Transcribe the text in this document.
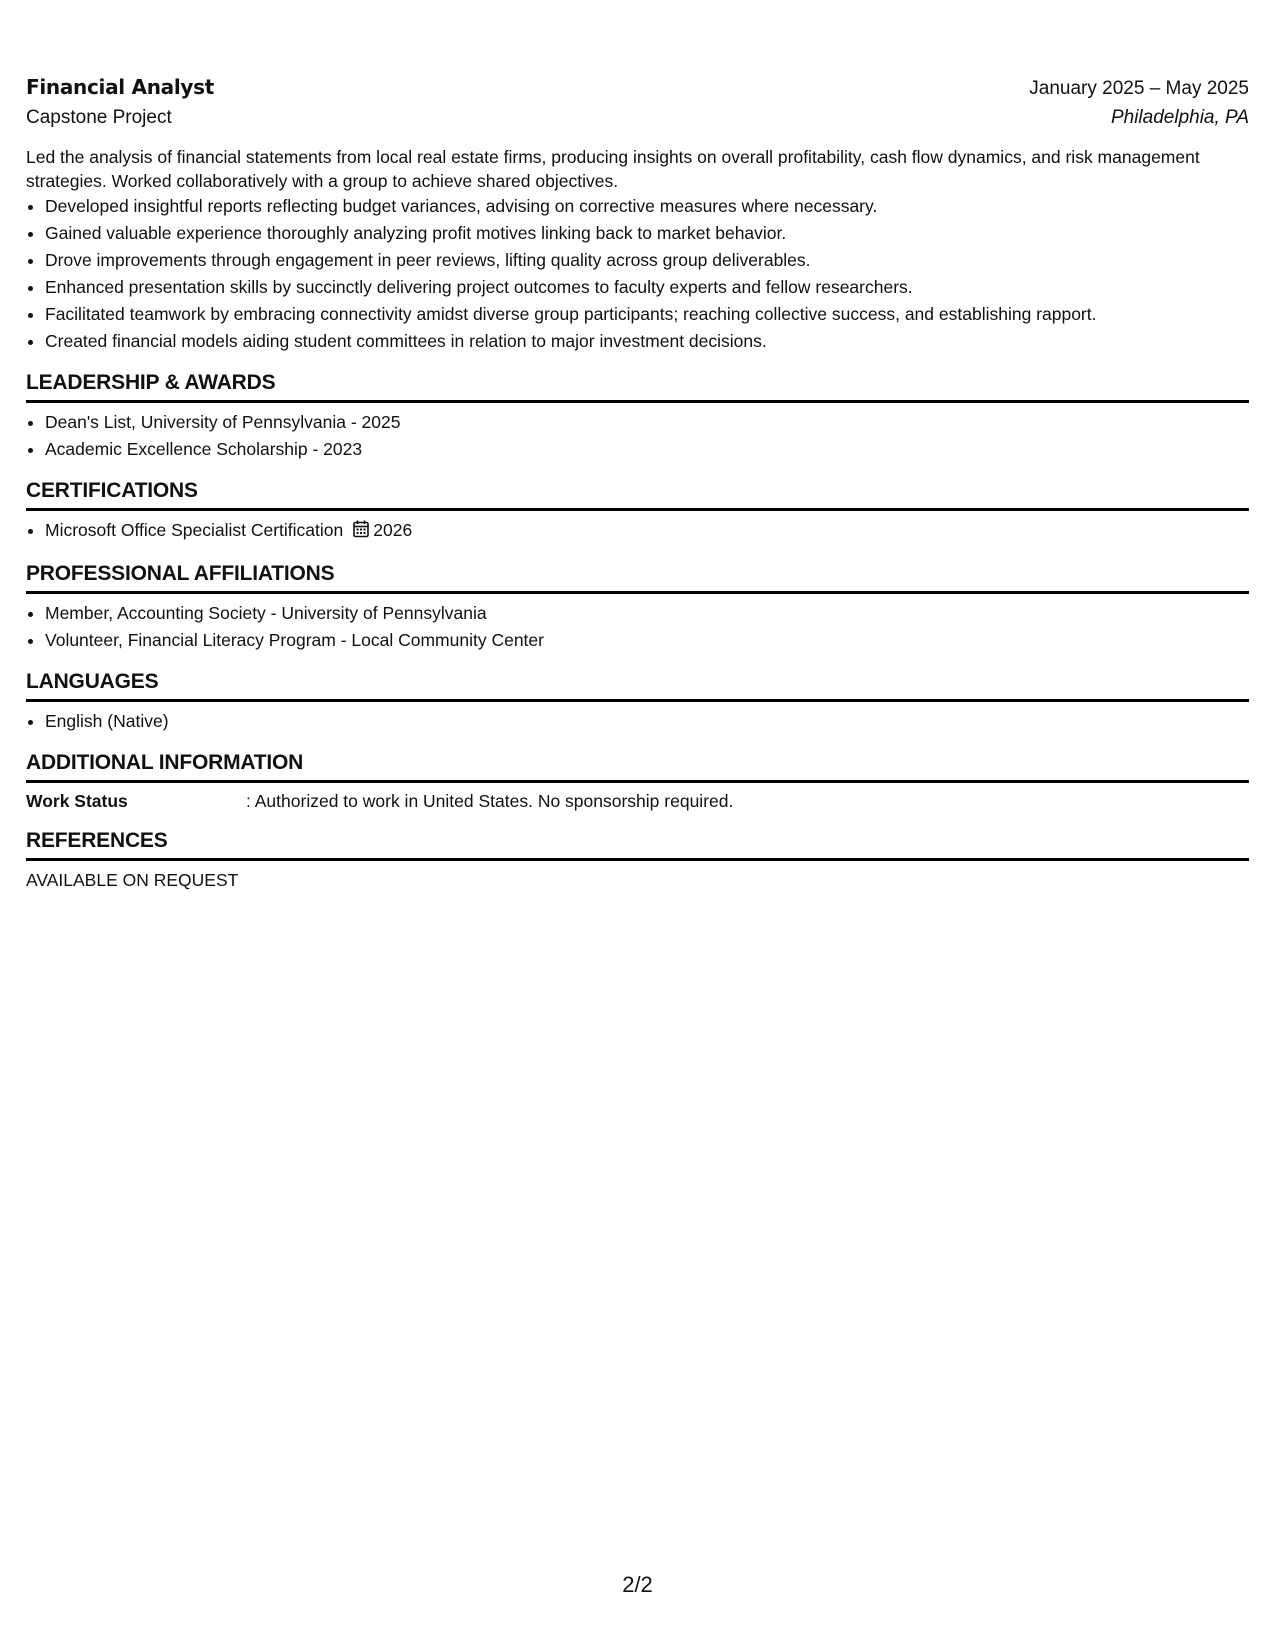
Financial Analyst	January 2025 – May 2025
Capstone Project	Philadelphia, PA
Led the analysis of financial statements from local real estate firms, producing insights on overall profitability, cash flow dynamics, and risk management strategies. Worked collaboratively with a group to achieve shared objectives.
• Developed insightful reports reflecting budget variances, advising on corrective measures where necessary.
• Gained valuable experience thoroughly analyzing profit motives linking back to market behavior.
• Drove improvements through engagement in peer reviews, lifting quality across group deliverables.
• Enhanced presentation skills by succinctly delivering project outcomes to faculty experts and fellow researchers.
• Facilitated teamwork by embracing connectivity amidst diverse group participants; reaching collective success, and establishing rapport.
• Created financial models aiding student committees in relation to major investment decisions.
LEADERSHIP & AWARDS
• Dean's List, University of Pennsylvania - 2025
• Academic Excellence Scholarship - 2023
CERTIFICATIONS
• Microsoft Office Specialist Certification 2026
PROFESSIONAL AFFILIATIONS
• Member, Accounting Society - University of Pennsylvania
• Volunteer, Financial Literacy Program - Local Community Center
LANGUAGES
• English (Native)
ADDITIONAL INFORMATION
Work Status	: Authorized to work in United States. No sponsorship required.
REFERENCES
AVAILABLE ON REQUEST
2/2
